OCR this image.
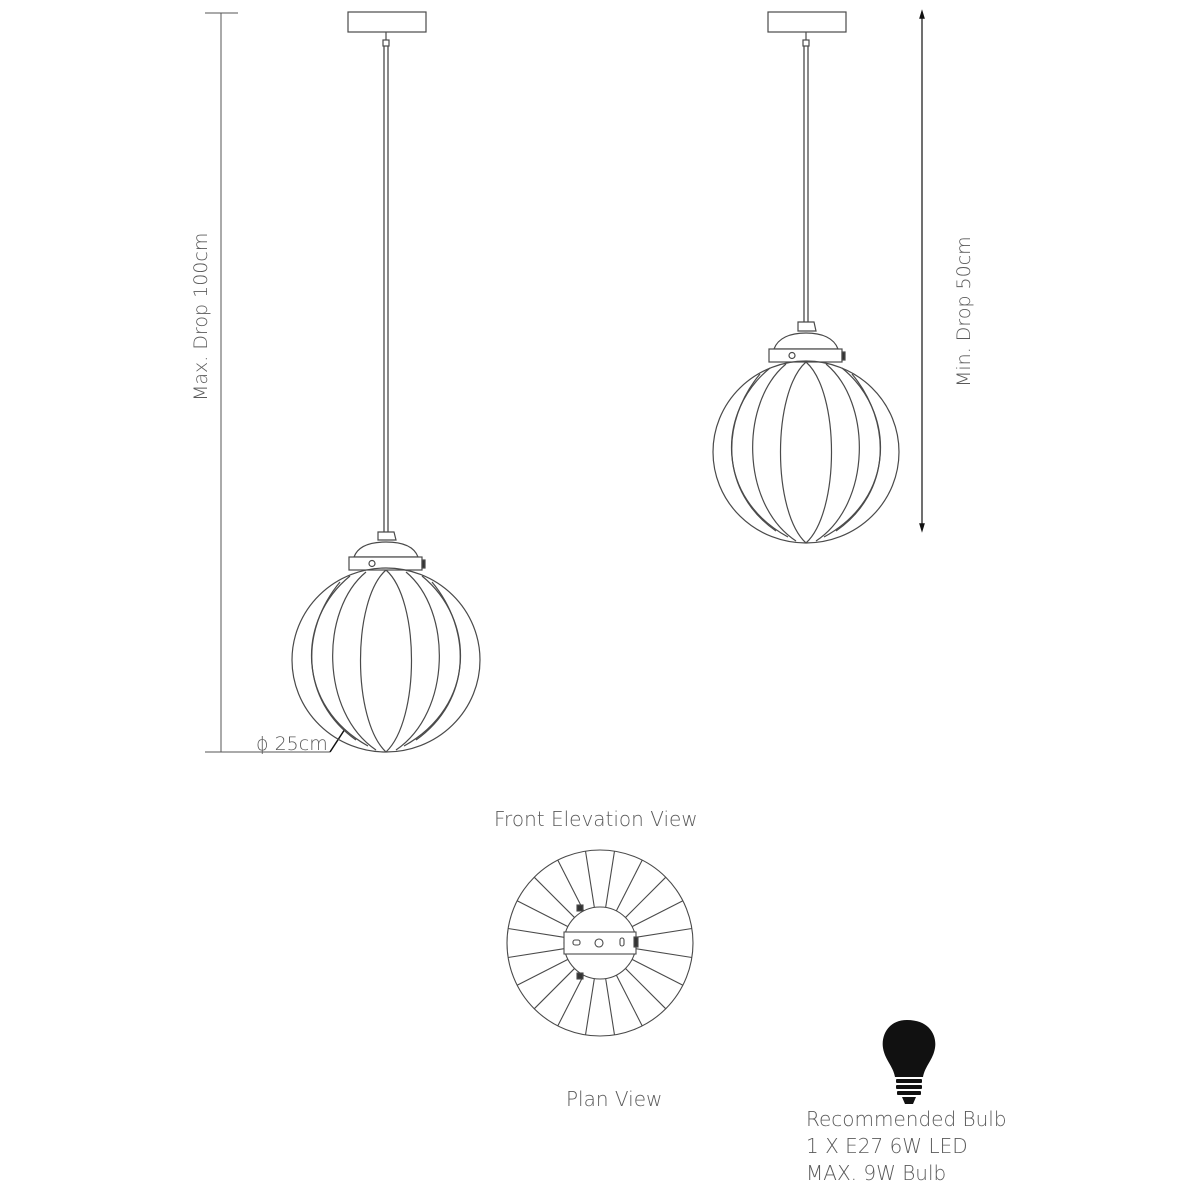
Max. Drop 100cm	Min. Drop 50cm
ϕ 25cm
Front Elevation View
Plan View
Recommended Bulb
1 X E27 6W LED
MAX. 9W Bulb
